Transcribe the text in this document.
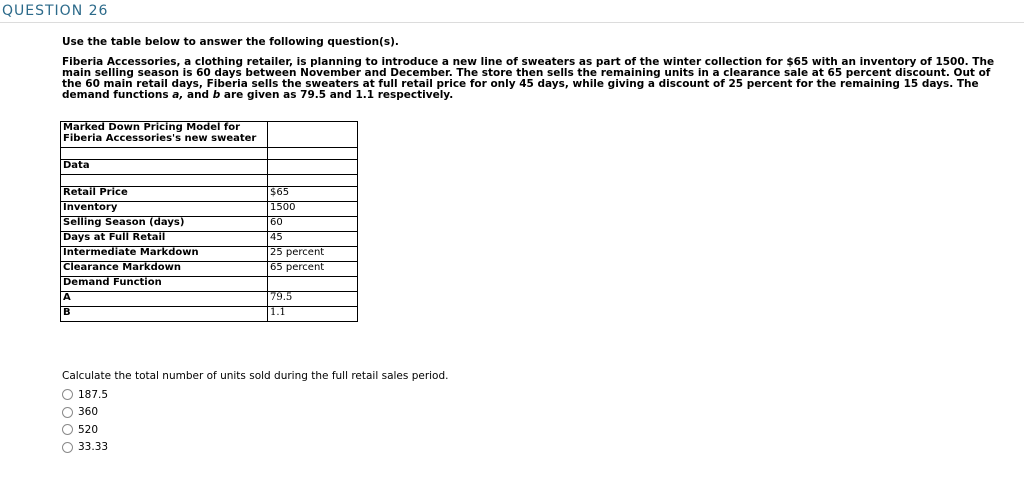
QUESTION 26

Use the table below to answer the following question(s).

Fiberia Accessories, a clothing retailer, is planning to introduce a new line of sweaters as part of the winter collection for $65 with an inventory of 1500. The main selling season is 60 days between November and December. The store then sells the remaining units in a clearance sale at 65 percent discount. Out of the 60 main retail days, Fiberia sells the sweaters at full retail price for only 45 days, while giving a discount of 25 percent for the remaining 15 days. The demand functions a, and b are given as 79.5 and 1.1 respectively.

Marked Down Pricing Model for Fiberia Accessories's new sweater	

Data	

Retail Price	$65
Inventory	1500
Selling Season (days)	60
Days at Full Retail	45
Intermediate Markdown	25 percent
Clearance Markdown	65 percent
Demand Function	
A	79.5
B	1.1

Calculate the total number of units sold during the full retail sales period.

187.5
360
520
33.33
